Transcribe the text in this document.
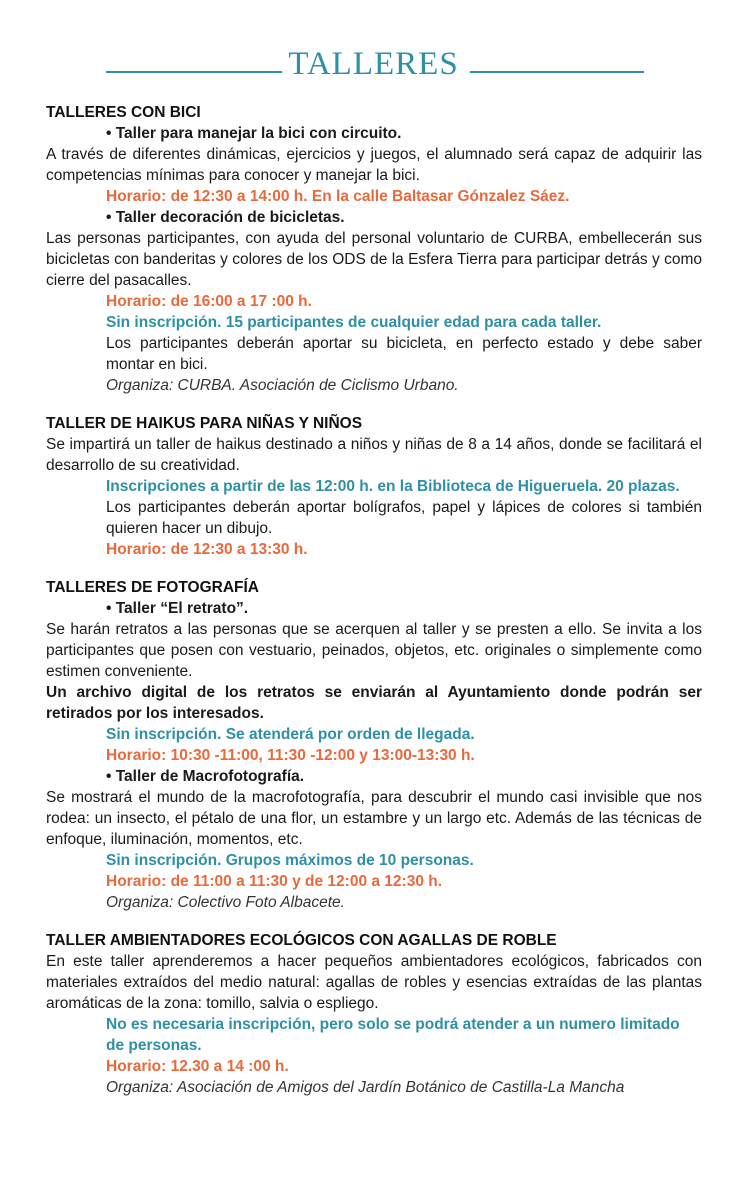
TALLERES
TALLERES CON BICI
• Taller para manejar la bici con circuito.
A través de diferentes dinámicas, ejercicios y juegos, el alumnado será capaz de adquirir las competencias mínimas para conocer y manejar la bici.
Horario: de 12:30 a 14:00 h. En la calle Baltasar Gónzalez Sáez.
• Taller decoración de bicicletas.
Las personas participantes, con ayuda del personal voluntario de CURBA, embellecerán sus bicicletas con banderitas y colores de los ODS de la Esfera Tierra para participar detrás y como cierre del pasacalles.
Horario: de 16:00 a 17 :00 h.
Sin inscripción. 15 participantes de cualquier edad para cada taller.
Los participantes deberán aportar su bicicleta, en perfecto estado y debe saber montar en bici.
Organiza: CURBA. Asociación de Ciclismo Urbano.
TALLER DE HAIKUS PARA NIÑAS Y NIÑOS
Se impartirá un taller de haikus destinado a niños y niñas de 8 a 14 años, donde se facilitará el desarrollo de su creatividad.
Inscripciones a partir de las 12:00 h. en la Biblioteca de Higueruela. 20 plazas.
Los participantes deberán aportar bolígrafos, papel y lápices de colores si también quieren hacer un dibujo.
Horario: de 12:30 a 13:30 h.
TALLERES DE FOTOGRAFÍA
• Taller “El retrato”.
Se harán retratos a las personas que se acerquen al taller y se presten a ello. Se invita a los participantes que posen con vestuario, peinados, objetos, etc. originales o simplemente como estimen conveniente.
Un archivo digital de los retratos se enviarán al Ayuntamiento donde podrán ser retirados por los interesados.
Sin inscripción. Se atenderá por orden de llegada.
Horario: 10:30 -11:00, 11:30 -12:00 y 13:00-13:30 h.
• Taller de Macrofotografía.
Se mostrará el mundo de la macrofotografía, para descubrir el mundo casi invisible que nos rodea: un insecto, el pétalo de una flor, un estambre y un largo etc. Además de las técnicas de enfoque, iluminación, momentos, etc.
Sin inscripción. Grupos máximos de 10 personas.
Horario: de 11:00 a 11:30 y de 12:00 a 12:30 h.
Organiza: Colectivo Foto Albacete.
TALLER AMBIENTADORES ECOLÓGICOS CON AGALLAS DE ROBLE
En este taller aprenderemos a hacer pequeños ambientadores ecológicos, fabricados con materiales extraídos del medio natural: agallas de robles y esencias extraídas de las plantas aromáticas de la zona: tomillo, salvia o espliego.
No es necesaria inscripción, pero solo se podrá atender a un numero limitado de personas.
Horario: 12.30 a 14 :00 h.
Organiza: Asociación de Amigos del Jardín Botánico de Castilla-La Mancha
